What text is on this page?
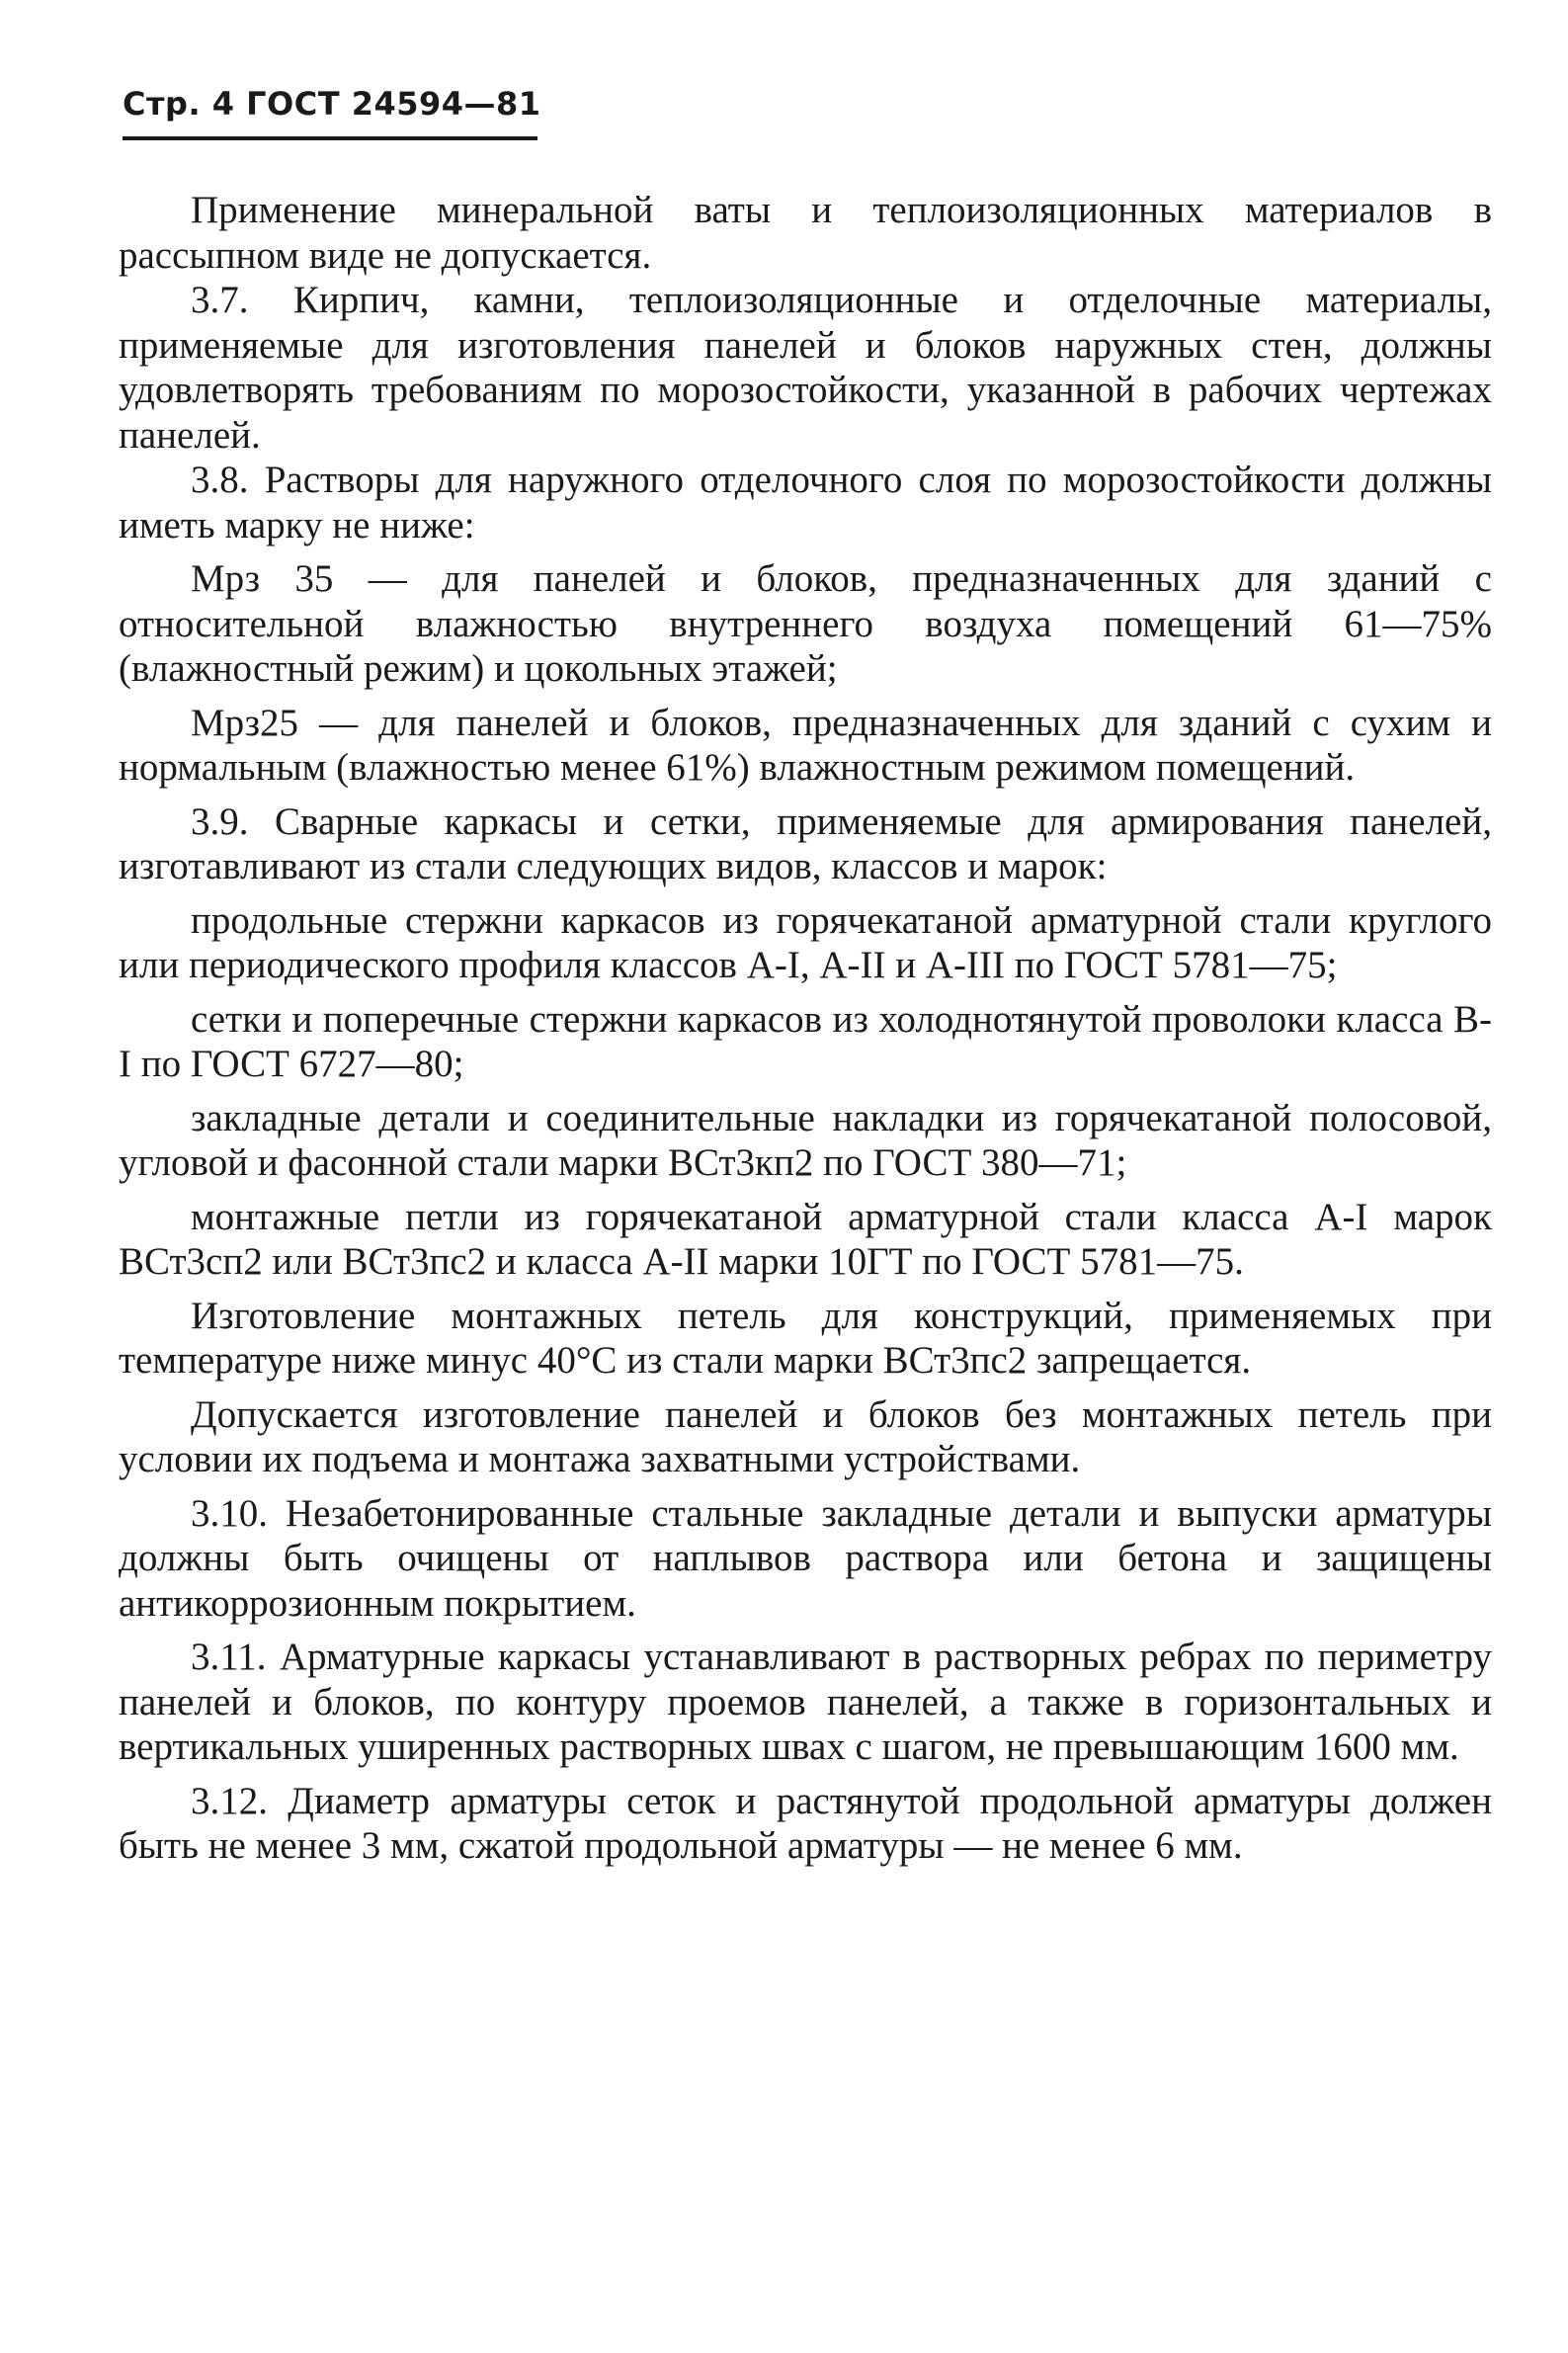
Стр. 4 ГОСТ 24594—81

Применение минеральной ваты и теплоизоляционных материалов в рассыпном виде не допускается.

3.7. Кирпич, камни, теплоизоляционные и отделочные материалы, применяемые для изготовления панелей и блоков наружных стен, должны удовлетворять требованиям по морозостойкости, указанной в рабочих чертежах панелей.

3.8. Растворы для наружного отделочного слоя по морозостойкости должны иметь марку не ниже:

Мрз 35 — для панелей и блоков, предназначенных для зданий с относительной влажностью внутреннего воздуха помещений 61—75% (влажностный режим) и цокольных этажей;

Мрз25 — для панелей и блоков, предназначенных для зданий с сухим и нормальным (влажностью менее 61%) влажностным режимом помещений.

3.9. Сварные каркасы и сетки, применяемые для армирования панелей, изготавливают из стали следующих видов, классов и марок:

продольные стержни каркасов из горячекатаной арматурной стали круглого или периодического профиля классов А-I, А-II и А-III по ГОСТ 5781—75;

сетки и поперечные стержни каркасов из холоднотянутой проволоки класса В-I по ГОСТ 6727—80;

закладные детали и соединительные накладки из горячекатаной полосовой, угловой и фасонной стали марки ВСт3кп2 по ГОСТ 380—71;

монтажные петли из горячекатаной арматурной стали класса А-I марок ВСт3сп2 или ВСт3пс2 и класса А-II марки 10ГТ по ГОСТ 5781—75.

Изготовление монтажных петель для конструкций, применяемых при температуре ниже минус 40°С из стали марки ВСт3пс2 запрещается.

Допускается изготовление панелей и блоков без монтажных петель при условии их подъема и монтажа захватными устройствами.

3.10. Незабетонированные стальные закладные детали и выпуски арматуры должны быть очищены от наплывов раствора или бетона и защищены антикоррозионным покрытием.

3.11. Арматурные каркасы устанавливают в растворных ребрах по периметру панелей и блоков, по контуру проемов панелей, а также в горизонтальных и вертикальных уширенных растворных швах с шагом, не превышающим 1600 мм.

3.12. Диаметр арматуры сеток и растянутой продольной арматуры должен быть не менее 3 мм, сжатой продольной арматуры — не менее 6 мм.
